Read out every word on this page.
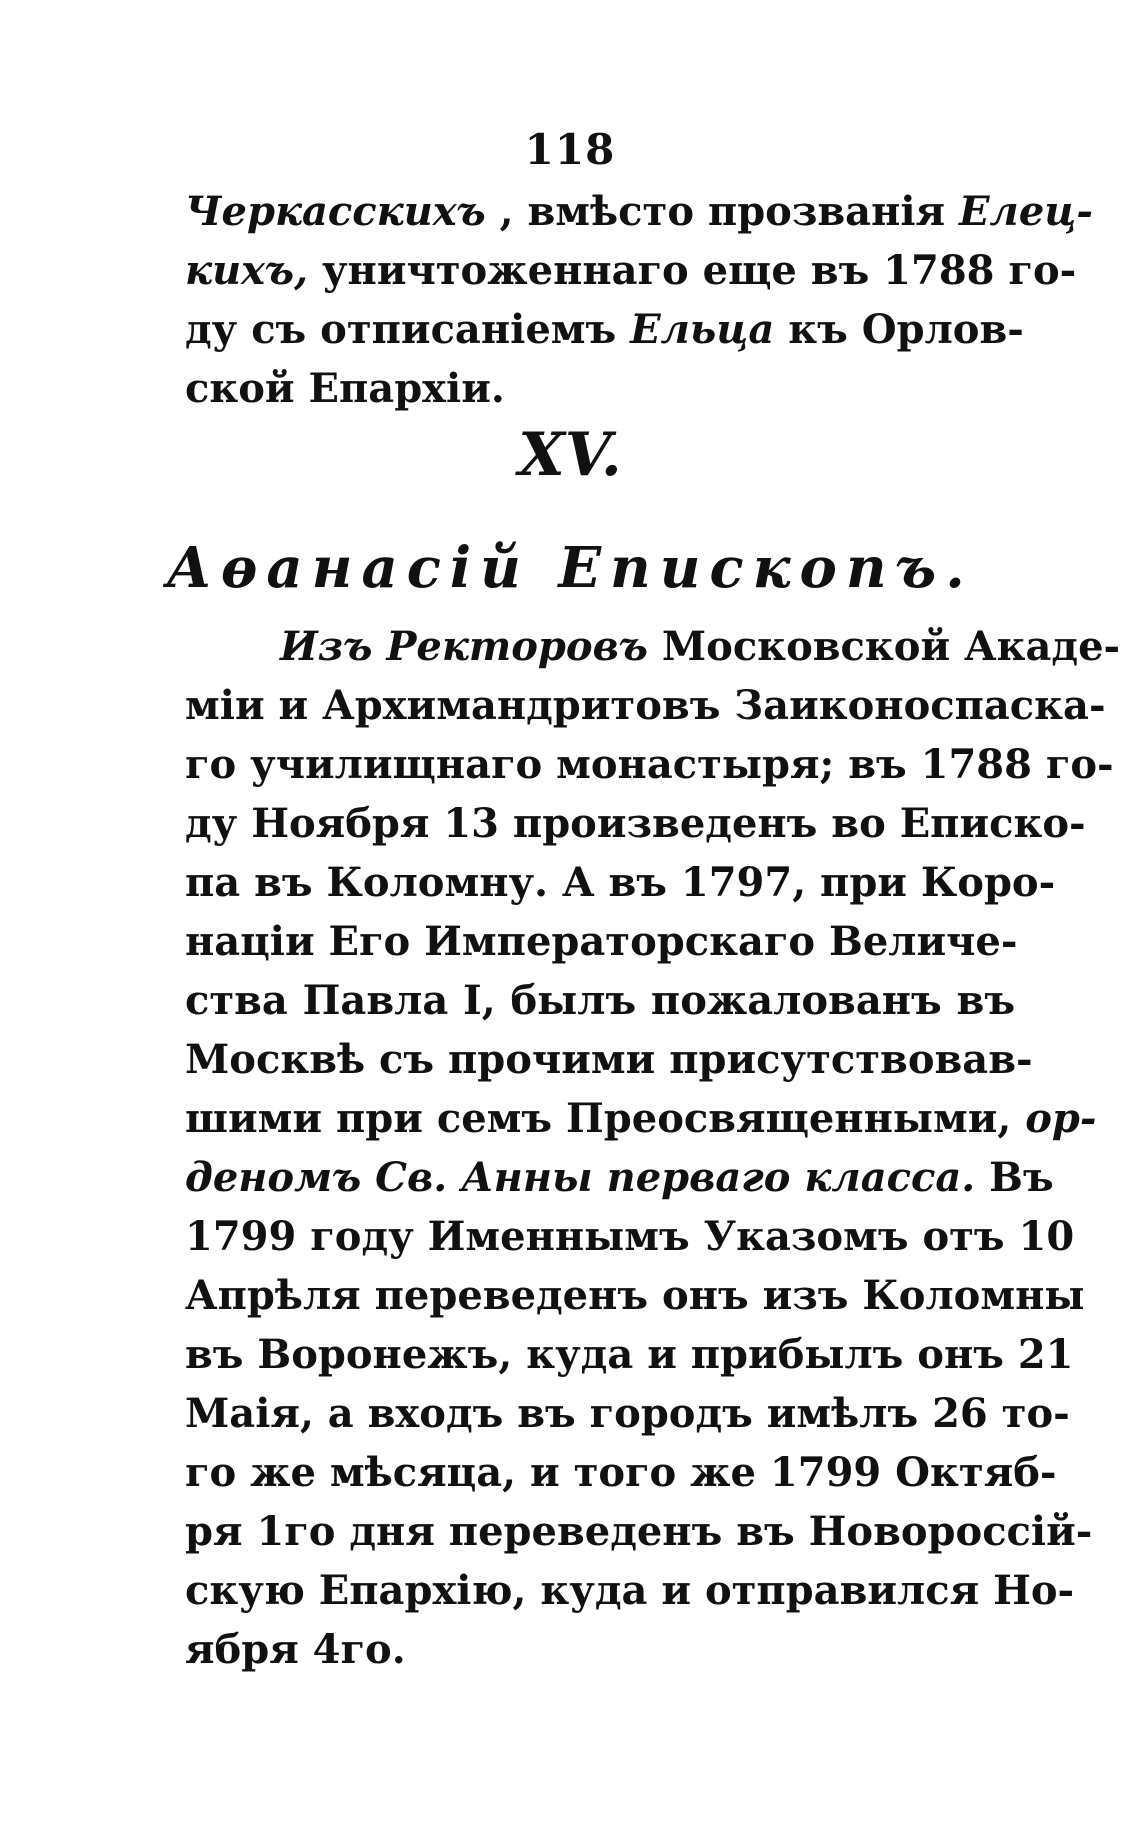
118
Черкасскихъ , вмѣсто прозванія Елец-
кихъ, уничтоженнаго еще въ 1788 го-
ду съ отписаніемъ Ельца къ Орлов-
ской Епархіи.
XV.
Аѳанасій Епископъ.
Изъ Ректоровъ Московской Акаде-
міи и Архимандритовъ Заиконоспаска-
го училищнаго монастыря; въ 1788 го-
ду Ноября 13 произведенъ во Еписко-
па въ Коломну. А въ 1797, при Коро-
націи Его Императорскаго Величе-
ства Павла I, былъ пожалованъ въ
Москвѣ съ прочими присутствовав-
шими при семъ Преосвященными, ор-
деномъ Св. Анны перваго класса. Въ
1799 году Именнымъ Указомъ отъ 10
Апрѣля переведенъ онъ изъ Коломны
въ Воронежъ, куда и прибылъ онъ 21
Маія, а входъ въ городъ имѣлъ 26 то-
го же мѣсяца, и того же 1799 Октяб-
ря 1го дня переведенъ въ Новороссій-
скую Епархію, куда и отправился Но-
ября 4го.
